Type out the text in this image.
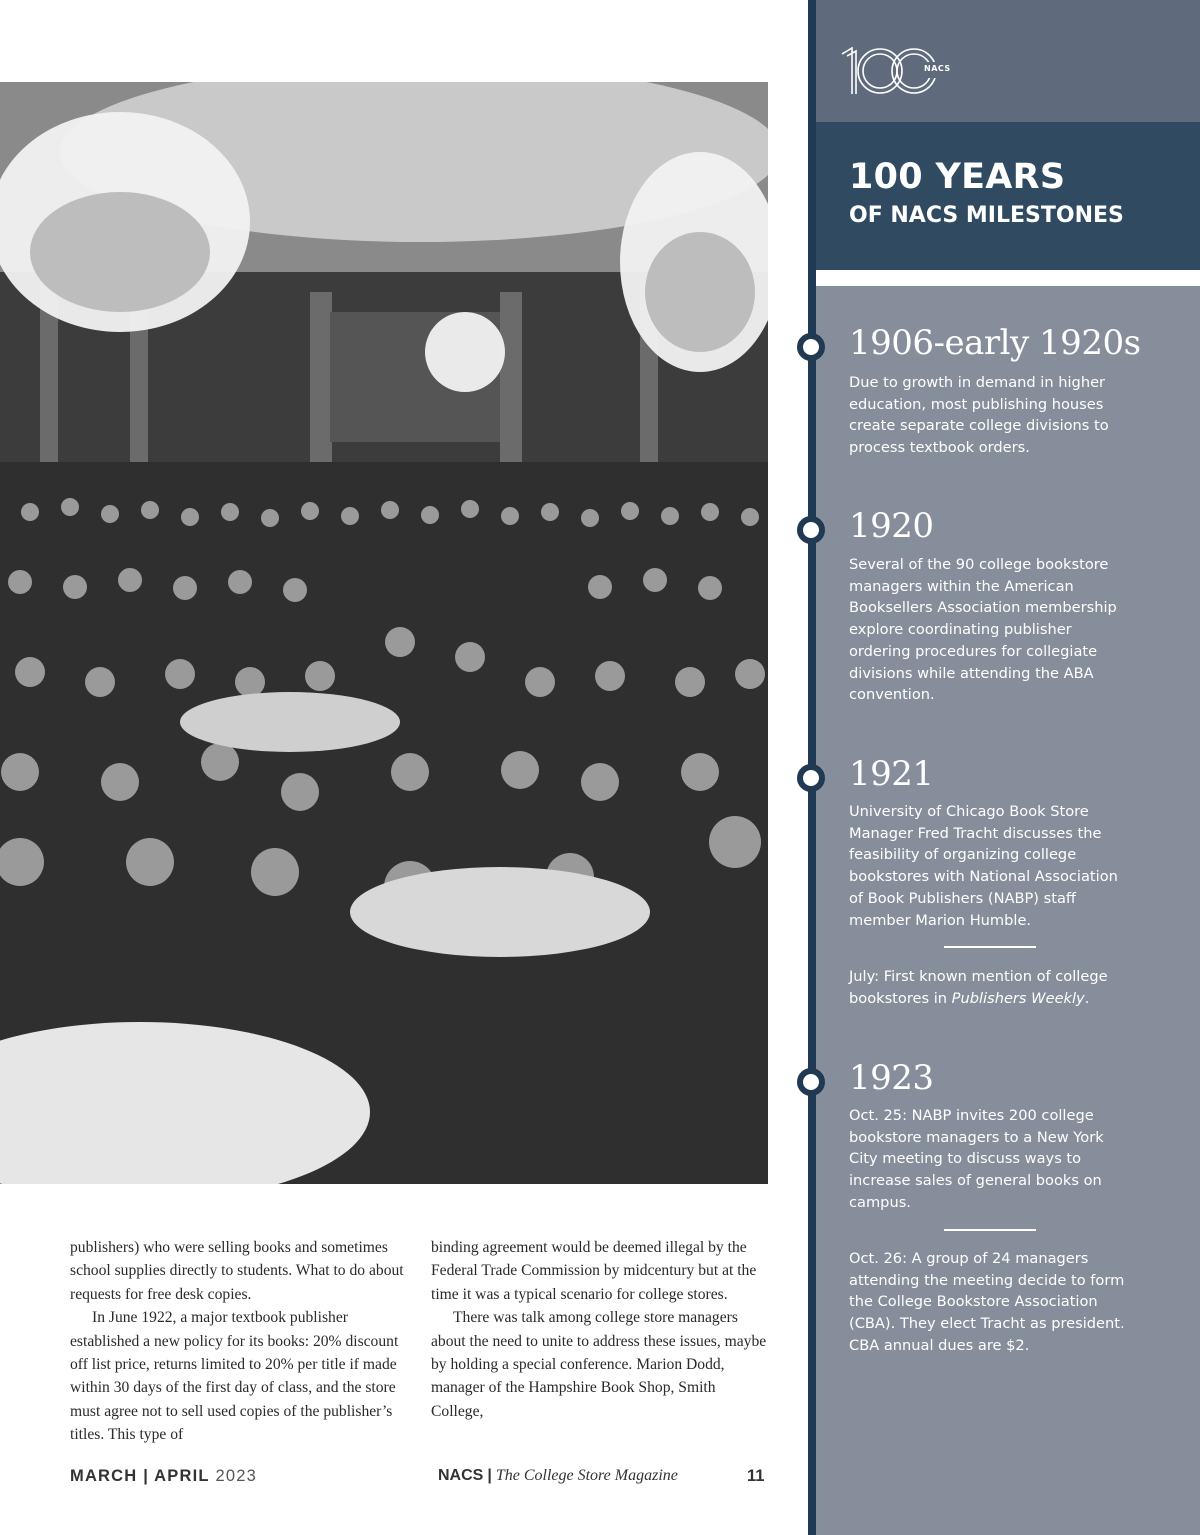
publishers) who were selling books and sometimes school supplies directly to students. What to do about requests for free desk copies.

In June 1922, a major textbook publisher established a new policy for its books: 20% discount off list price, returns limited to 20% per title if made within 30 days of the first day of class, and the store must agree not to sell used copies of the publisher’s titles. This type of

binding agreement would be deemed illegal by the Federal Trade Commission by midcentury but at the time it was a typical scenario for college stores.

There was talk among college store managers about the need to unite to address these issues, maybe by holding a special conference. Marion Dodd, manager of the Hampshire Book Shop, Smith College,

MARCH | APRIL 2023	NACS | The College Store Magazine	11
NACS
100 YEARS
OF NACS MILESTONES
1906-early 1920s
Due to growth in demand in higher education, most publishing houses create separate college divisions to process textbook orders.
1920
Several of the 90 college bookstore managers within the American Booksellers Association membership explore coordinating publisher ordering procedures for collegiate divisions while attending the ABA convention.
1921
University of Chicago Book Store Manager Fred Tracht discusses the feasibility of organizing college bookstores with National Association of Book Publishers (NABP) staff member Marion Humble.
July: First known mention of college bookstores in Publishers Weekly.
1923
Oct. 25: NABP invites 200 college bookstore managers to a New York City meeting to discuss ways to increase sales of general books on campus.
Oct. 26: A group of 24 managers attending the meeting decide to form the College Bookstore Association (CBA). They elect Tracht as president. CBA annual dues are $2.
